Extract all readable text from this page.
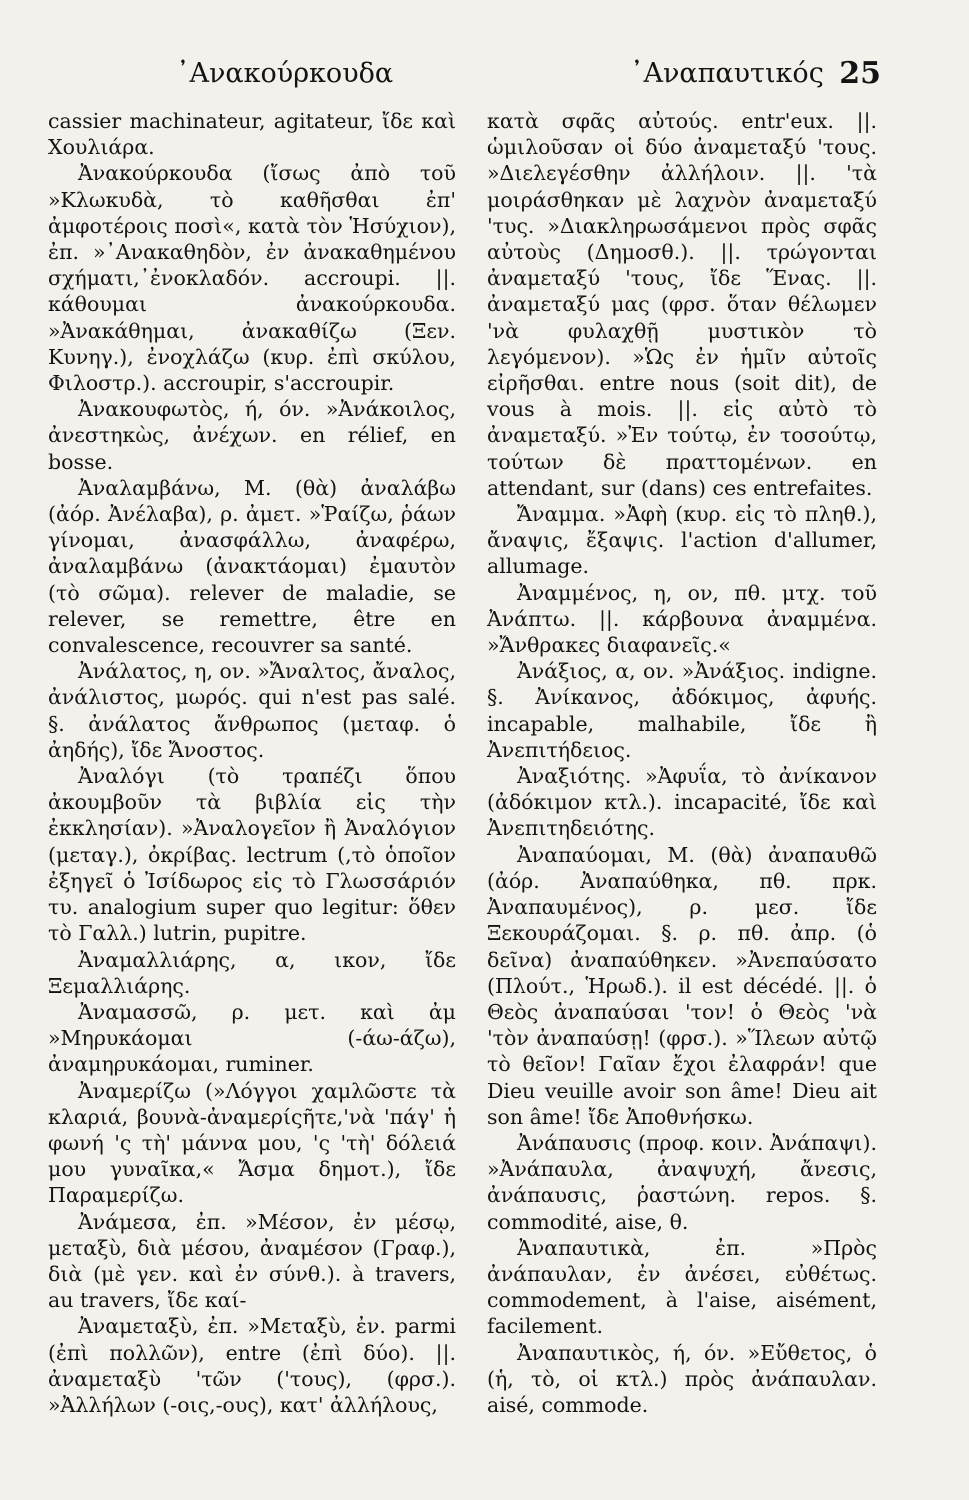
᾿Ανακούρκουδα	᾿Αναπαυτικός 25

cassier machinateur, agitateur, ἴδε καὶ Χουλιάρα.

Ἀνακούρκουδα (ἴσως ἀπὸ τοῦ »Κλωκυδὰ, τὸ καθῆσθαι ἐπ' ἀμφοτέροις ποσὶ«, κατὰ τὸν Ἡσύχιον), ἐπ. »᾿Ανακαθηδὸν, ἐν ἀνακαθημένου σχήματι,᾿ἐνοκλαδόν. accroupi. ||. κάθουμαι ἀνακούρκουδα. »Ἀνακάθημαι, ἀνακαθίζω (Ξεν. Κυνηγ.), ἐνοχλάζω (κυρ. ἐπὶ σκύλου, Φιλοστρ.). accroupir, s'accroupir.

Ἀνακουφωτὸς, ή, όν. »Ἀνάκοιλος, ἀνεστηκὼς, ἀνέχων. en rélief, en bosse.

Ἀναλαμβάνω, Μ. (θὰ) ἀναλάβω (ἀόρ. Ἀνέλαβα), ρ. ἀμετ. »Ῥαίζω, ῥάων γίνομαι, ἀνασφάλλω, ἀναφέρω, ἀναλαμβάνω (ἀνακτάομαι) ἐμαυτὸν (τὸ σῶμα). relever de maladie, se relever, se remettre, être en convalescence, recouvrer sa santé.

Ἀνάλατος, η, ον. »Ἄναλτος, ἄναλος, ἀνάλιστος, μωρός. qui n'est pas salé. §. ἀνάλατος ἄνθρωπος (μεταφ. ὁ ἀηδής), ἴδε Ἄνοστος.

Ἀναλόγι (τὸ τραπέζι ὅπου ἀκουμβοῦν τὰ βιβλία εἰς τὴν ἐκκλησίαν). »Ἀναλογεῖον ἢ Ἀναλόγιον (μεταγ.), ὀκρίβας. lectrum (,τὸ ὁποῖον ἐξηγεῖ ὁ Ἰσίδωρος εἰς τὸ Γλωσσάριόν τυ. analogium super quo legitur: ὅθεν τὸ Γαλλ.) lutrin, pupitre.

Ἀναμαλλιάρης, α, ικον, ἴδε Ξεμαλλιάρης.

Ἀναμασσῶ, ρ. μετ. καὶ ἀμ »Μηρυκάομαι (-άω-άζω), ἀναμηρυκάομαι, ruminer.

Ἀναμερίζω (»Λόγγοι χαμλῶστε τὰ κλαριά, βουνὰ-ἀναμερίςῆτε,'νὰ 'πάγ' ἡ φωνή 'ς τὴ' μάννα μου, 'ς 'τὴ' δόλειά μου γυναῖκα,« Ἄσμα δημοτ.), ἴδε Παραμερίζω.

Ἀνάμεσα, ἐπ. »Μέσον, ἐν μέσῳ, μεταξὺ, διὰ μέσου, ἀναμέσον (Γραφ.), διὰ (μὲ γεν. καὶ ἐν σύνθ.). à travers, au travers, ἴδε καί-

Ἀναμεταξὺ, ἐπ. »Μεταξὺ, ἐν. parmi (ἐπὶ πολλῶν), entre (ἐπὶ δύο). ||. ἀναμεταξὺ 'τῶν ('τους), (φρσ.). »Ἀλλήλων (-οις,-ους), κατ' ἀλλήλους,

κατὰ σφᾶς αὐτούς. entr'eux. ||. ὡμιλοῦσαν οἱ δύο ἀναμεταξύ 'τους. »Διελεγέσθην ἀλλήλοιν. ||. 'τὰ μοιράσθηκαν μὲ λαχνὸν ἀναμεταξύ 'τυς. »Διακληρωσάμενοι πρὸς σφᾶς αὐτοὺς (Δημοσθ.). ||. τρώγονται ἀναμεταξύ 'τους, ἴδε Ἕνας. ||. ἀναμεταξύ μας (φρσ. ὅταν θέλωμεν 'νὰ φυλαχθῇ μυστικὸν τὸ λεγόμενον). »Ὡς ἐν ἡμῖν αὐτοῖς εἰρῆσθαι. entre nous (soit dit), de vous à mois. ||. εἰς αὐτὸ τὸ ἀναμεταξύ. »Ἐν τούτῳ, ἐν τοσούτῳ, τούτων δὲ πραττομένων. en attendant, sur (dans) ces entrefaites.

Ἄναμμα. »Ἀφὴ (κυρ. εἰς τὸ πληθ.), ἄναψις, ἔξαψις. l'action d'allumer, allumage.

Ἀναμμένος, η, ον, πθ. μτχ. τοῦ Ἀνάπτω. ||. κάρβουνα ἀναμμένα. »Ἄνθρακες διαφανεῖς.«

Ἀνάξιος, α, ον. »Ἀνάξιος. indigne. §. Ἀνίκανος, ἀδόκιμος, ἀφυής. incapable, malhabile, ἴδε ἢ Ἀνεπιτήδειος.

Ἀναξιότης. »Ἀφυΐα, τὸ ἀνίκανον (ἀδόκιμον κτλ.). incapacité, ἴδε καὶ Ἀνεπιτηδειότης.

Ἀναπαύομαι, Μ. (θὰ) ἀναπαυθῶ (ἀόρ. Ἀναπαύθηκα, πθ. πρκ. Ἀναπαυμένος), ρ. μεσ. ἴδε Ξεκουράζομαι. §. ρ. πθ. ἀπρ. (ὁ δεῖνα) ἀναπαύθηκεν. »Ἀνεπαύσατο (Πλούτ., Ἡρωδ.). il est décédé. ||. ὁ Θεὸς ἀναπαύσαι 'τον! ὁ Θεὸς 'νὰ 'τὸν ἀναπαύσῃ! (φρσ.). »Ἵλεων αὐτῷ τὸ θεῖον! Γαῖαν ἔχοι ἐλαφράν! que Dieu veuille avoir son âme! Dieu ait son âme! ἴδε Ἀποθνήσκω.

Ἀνάπαυσις (προφ. κοιν. Ἀνάπαψι). »Ἀνάπαυλα, ἀναψυχή, ἄνεσις, ἀνάπαυσις, ῥαστώνη. repos. §. commodité, aise, θ.

Ἀναπαυτικὰ, ἐπ. »Πρὸς ἀνάπαυλαν, ἐν ἀνέσει, εὐθέτως. commodement, à l'aise, aisément, facilement.

Ἀναπαυτικὸς, ή, όν. »Εὔθετος, ὁ (ἡ, τὸ, οἱ κτλ.) πρὸς ἀνάπαυλαν. aisé, commode.
